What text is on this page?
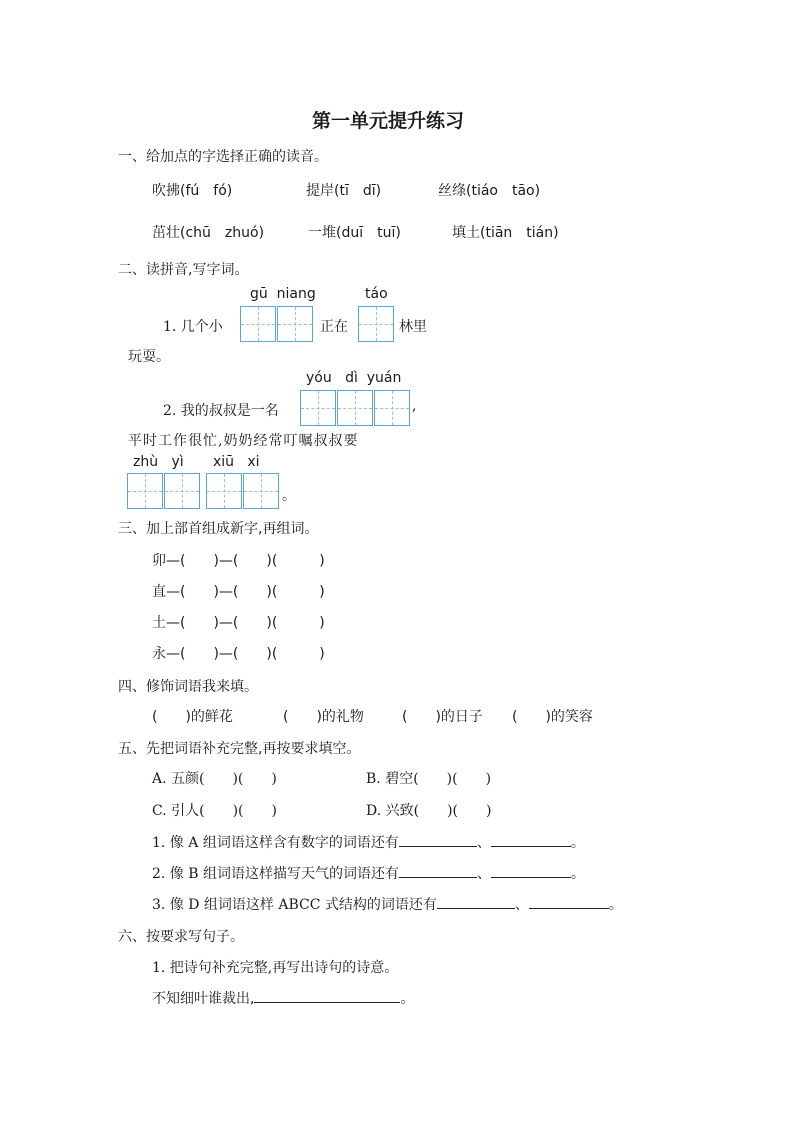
第一单元提升练习
一、给加点的字选择正确的读音。
吹拂(fú　fó)	提岸(tī　dī)	丝绦(tiáo　tāo)
茁壮(chū　zhuó)	一堆(duī　tuī)	填土(tiān　tián)
二、读拼音,写字词。
gū  niang	táo
1. 几个小	正在	林里
玩耍。
yóu   dì  yuán
2. 我的叔叔是一名	,
平时工作很忙,奶奶经常叮嘱叔叔要
zhù   yì xiū   xi
。
三、加上部首组成新字,再组词。
卯—(　　)—(　　)(　　　)
直—(　　)—(　　)(　　　)
土—(　　)—(　　)(　　　)
永—(　　)—(　　)(　　　)
四、修饰词语我来填。
(　　)的鲜花	(　　)的礼物	(　　)的日子 (　　)的笑容
五、先把词语补充完整,再按要求填空。
A. 五颜(　　)(　　)	B. 碧空(　　)(　　)
C. 引人(　　)(　　)	D. 兴致(　　)(　　)
1. 像 A 组词语这样含有数字的词语还有	、	。
2. 像 B 组词语这样描写天气的词语还有	、	。
3. 像 D 组词语这样 ABCC 式结构的词语还有	、	。
六、按要求写句子。
1. 把诗句补充完整,再写出诗句的诗意。
不知细叶谁裁出,	。
